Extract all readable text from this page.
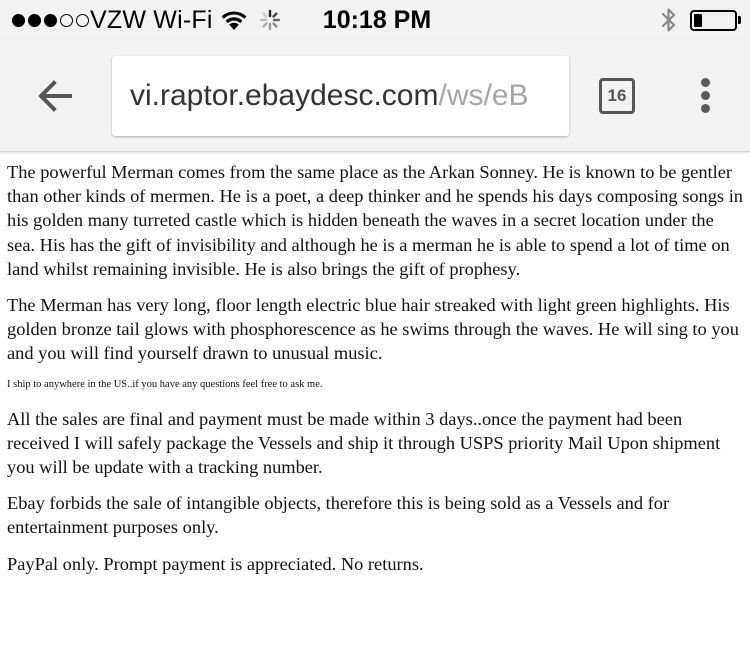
VZW Wi-Fi	10:18 PM
vi.raptor.ebaydesc.com/ws/eB	16

The powerful Merman comes from the same place as the Arkan Sonney. He is known to be gentler than other kinds of mermen. He is a poet, a deep thinker and he spends his days composing songs in his golden many turreted castle which is hidden beneath the waves in a secret location under the sea. His has the gift of invisibility and although he is a merman he is able to spend a lot of time on land whilst remaining invisible. He is also brings the gift of prophesy.

The Merman has very long, floor length electric blue hair streaked with light green highlights. His golden bronze tail glows with phosphorescence as he swims through the waves. He will sing to you and you will find yourself drawn to unusual music.

I ship to anywhere in the US..if you have any questions feel free to ask me.

All the sales are final and payment must be made within 3 days..once the payment had been received I will safely package the Vessels and ship it through USPS priority Mail Upon shipment you will be update with a tracking number.

Ebay forbids the sale of intangible objects, therefore this is being sold as a Vessels and for entertainment purposes only.

PayPal only. Prompt payment is appreciated. No returns.
